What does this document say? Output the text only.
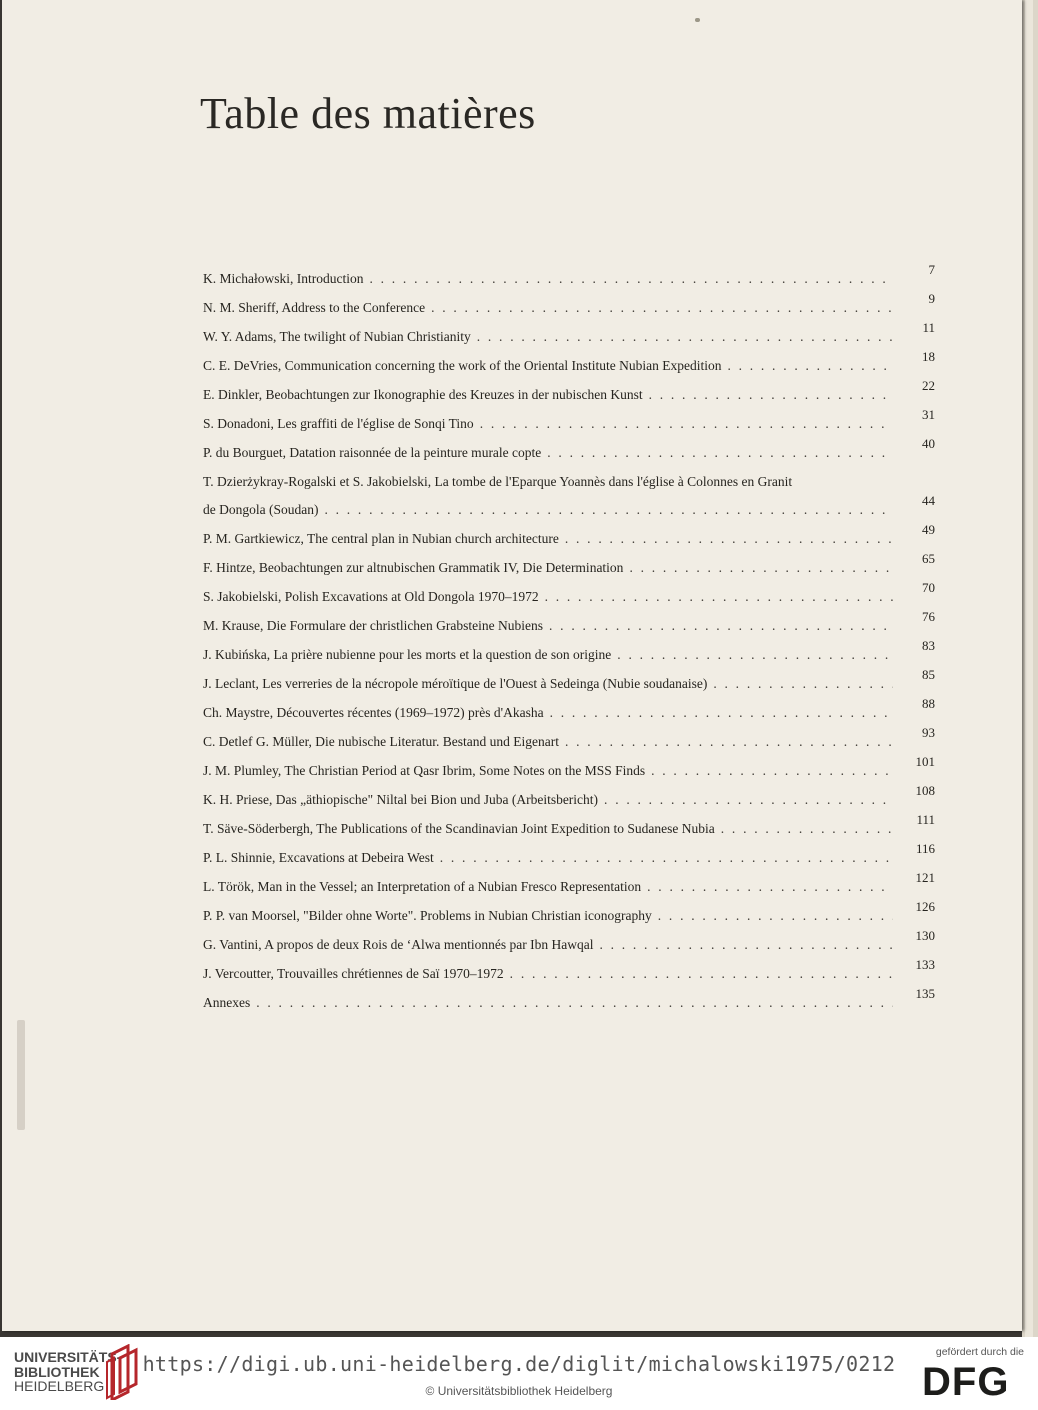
Table des matières
K. Michałowski, Introduction . . .
7
N. M. Sheriff, Address to the Conference . . .
9
W. Y. Adams, The twilight of Nubian Christianity . . .
11
C. E. DeVries, Communication concerning the work of the Oriental Institute Nubian Expedition . . .
18
E. Dinkler, Beobachtungen zur Ikonographie des Kreuzes in der nubischen Kunst . . .
22
S. Donadoni, Les graffiti de l'église de Sonqi Tino . . .
31
P. du Bourguet, Datation raisonnée de la peinture murale copte . . .
40
T. Dzierżykray-Rogalski et S. Jakobielski, La tombe de l'Eparque Yoannès dans l'église à Colonnes en Granit
de Dongola (Soudan) . . .
44
P. M. Gartkiewicz, The central plan in Nubian church architecture . . .
49
F. Hintze, Beobachtungen zur altnubischen Grammatik IV, Die Determination . . .
65
S. Jakobielski, Polish Excavations at Old Dongola 1970–1972 . . .
70
M. Krause, Die Formulare der christlichen Grabsteine Nubiens . . .
76
J. Kubińska, La prière nubienne pour les morts et la question de son origine . . .
83
J. Leclant, Les verreries de la nécropole méroïtique de l'Ouest à Sedeinga (Nubie soudanaise) . . .
85
Ch. Maystre, Découvertes récentes (1969–1972) près d'Akasha . . .
88
C. Detlef G. Müller, Die nubische Literatur. Bestand und Eigenart . . .
93
J. M. Plumley, The Christian Period at Qasr Ibrim, Some Notes on the MSS Finds . . .
101
K. H. Priese, Das „äthiopische" Niltal bei Bion und Juba (Arbeitsbericht) . . .
108
T. Säve-Söderbergh, The Publications of the Scandinavian Joint Expedition to Sudanese Nubia . . .
111
P. L. Shinnie, Excavations at Debeira West . . .
116
L. Török, Man in the Vessel; an Interpretation of a Nubian Fresco Representation . . .
121
P. P. van Moorsel, "Bilder ohne Worte". Problems in Nubian Christian iconography . . .
126
G. Vantini, A propos de deux Rois de ‘Alwa mentionnés par Ibn Hawqal . . .
130
J. Vercoutter, Trouvailles chrétiennes de Saï 1970–1972 . . .
133
Annexes . . .
135
UNIVERSITÄTS-
BIBLIOTHEK
HEIDELBERG
https://digi.ub.uni-heidelberg.de/diglit/michalowski1975/0212
© Universitätsbibliothek Heidelberg
gefördert durch die
DFG
